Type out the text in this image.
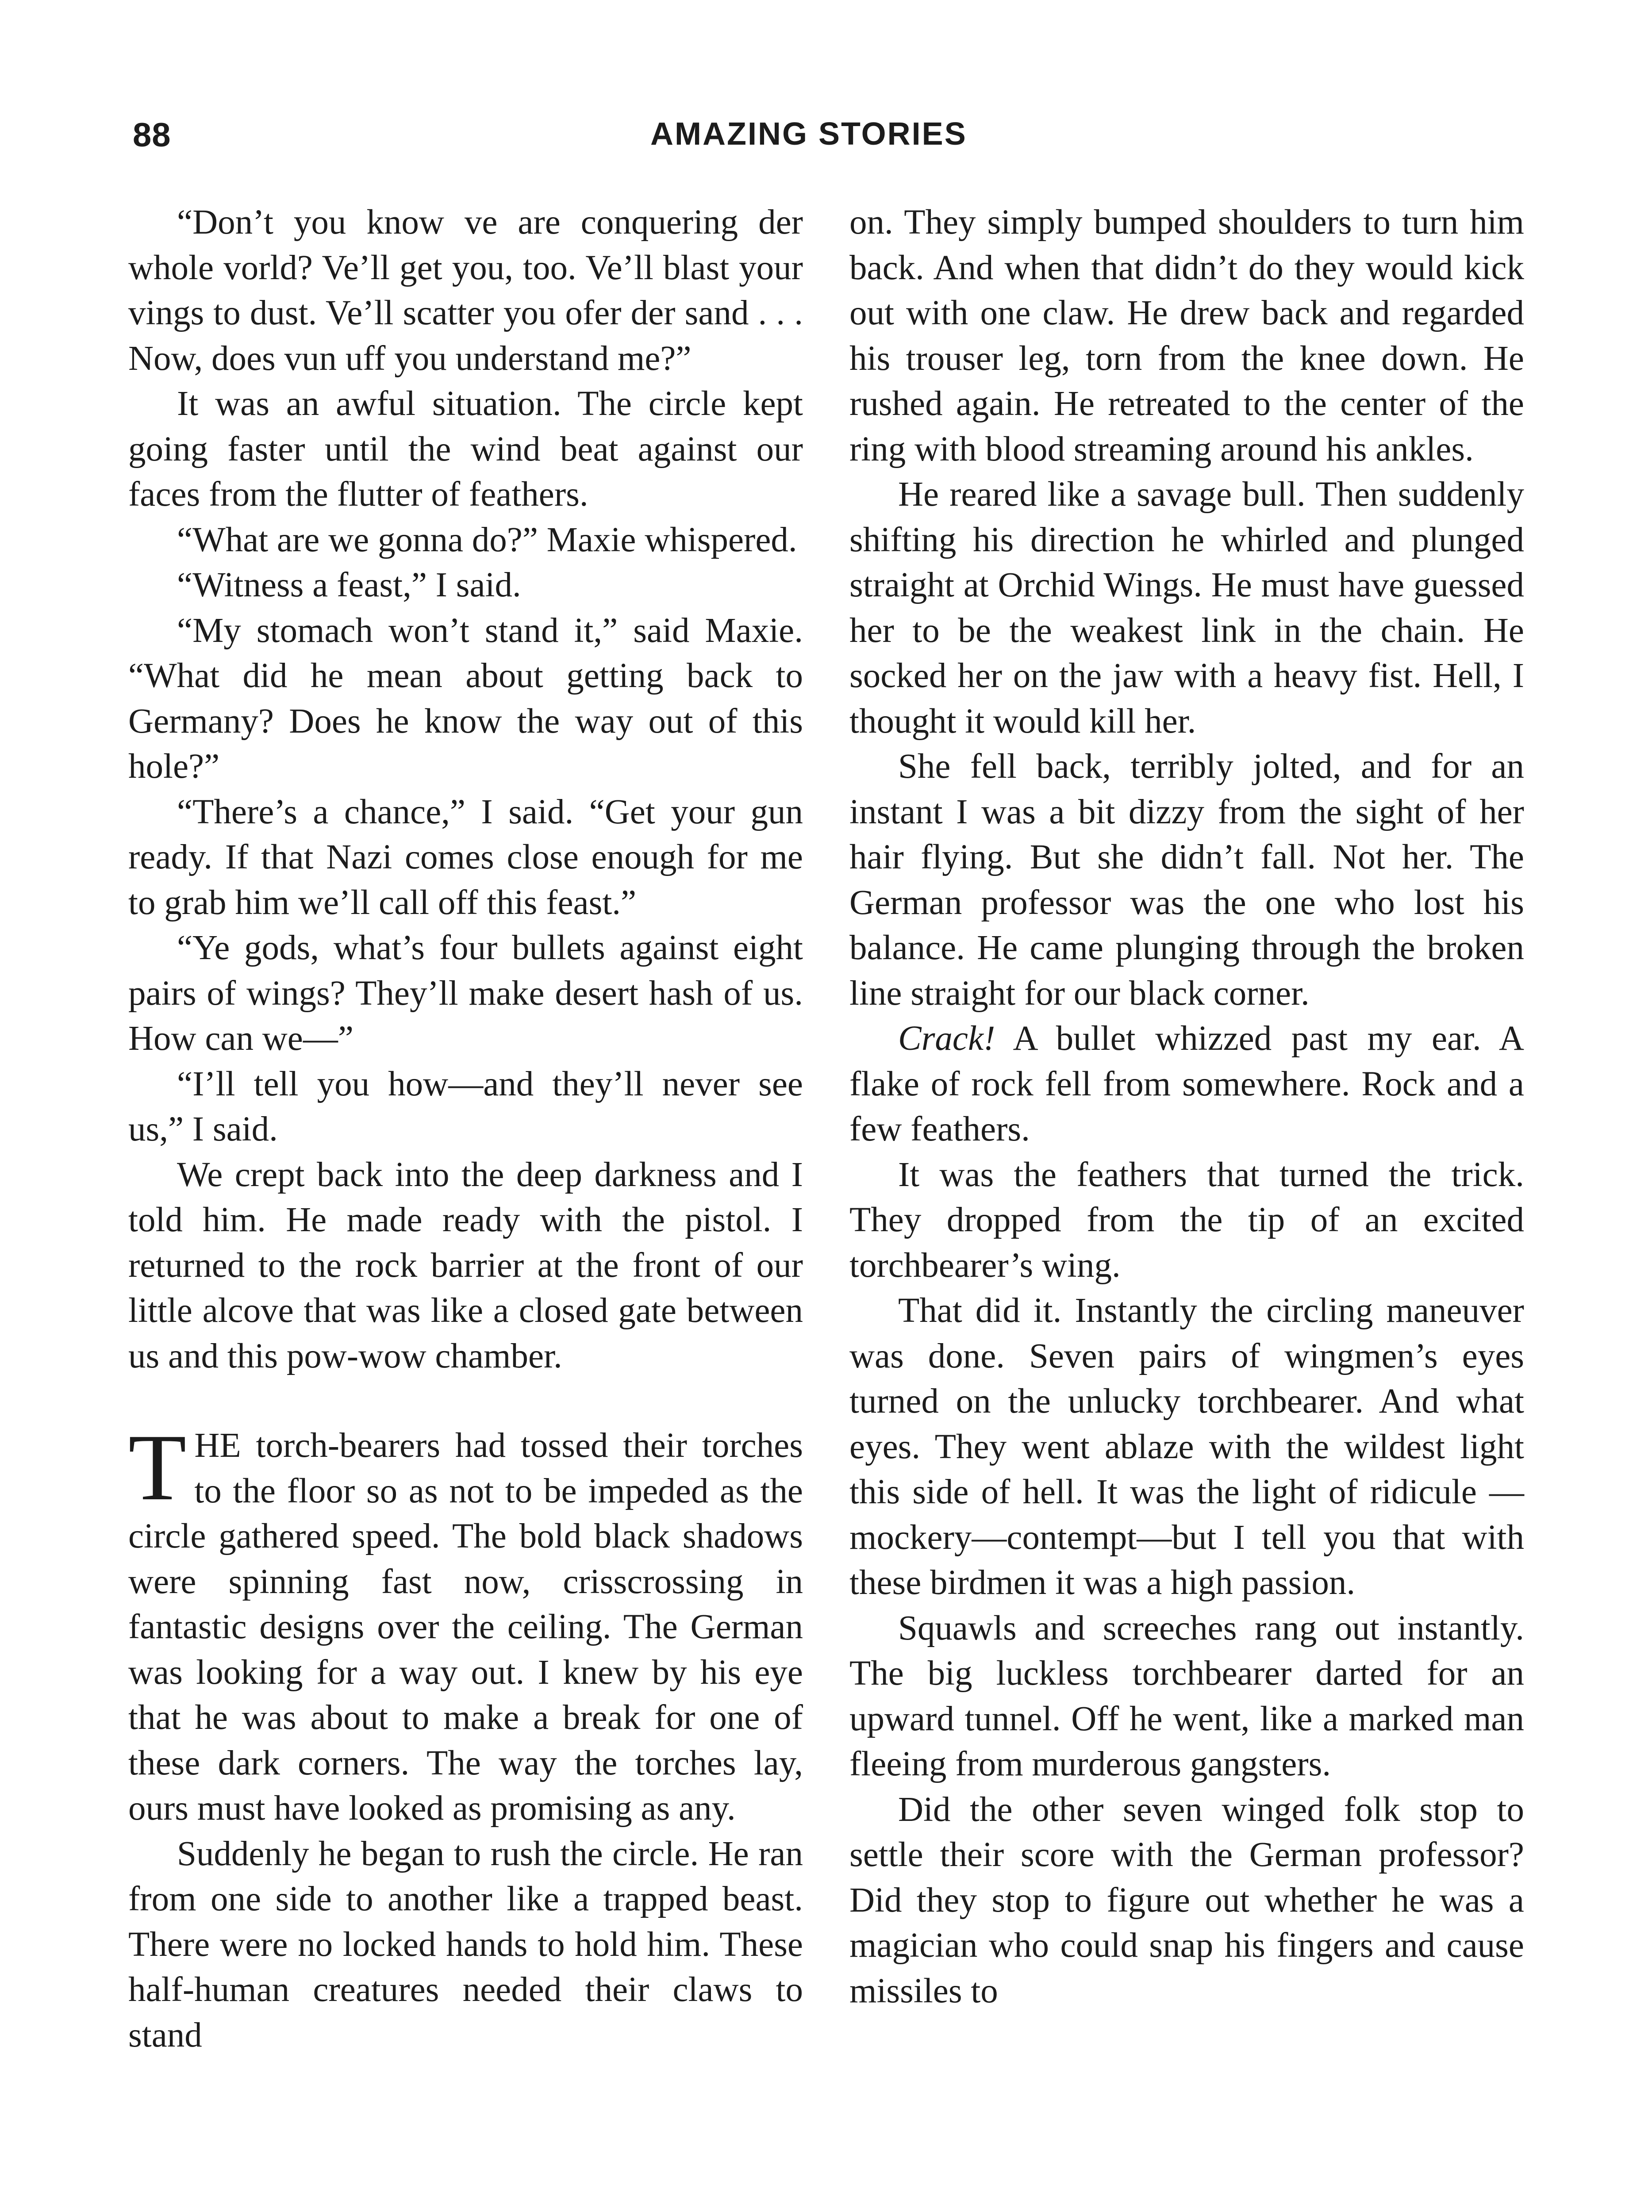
88	AMAZING STORIES

“Don’t you know ve are conquering der whole vorld? Ve’ll get you, too. Ve’ll blast your vings to dust. Ve’ll scatter you ofer der sand . . . Now, does vun uff you understand me?”

It was an awful situation. The circle kept going faster until the wind beat against our faces from the flutter of feathers.

“What are we gonna do?” Maxie whispered.

“Witness a feast,” I said.

“My stomach won’t stand it,” said Maxie. “What did he mean about getting back to Germany? Does he know the way out of this hole?”

“There’s a chance,” I said. “Get your gun ready. If that Nazi comes close enough for me to grab him we’ll call off this feast.”

“Ye gods, what’s four bullets against eight pairs of wings? They’ll make desert hash of us. How can we—”

“I’ll tell you how—and they’ll never see us,” I said.

We crept back into the deep darkness and I told him. He made ready with the pistol. I returned to the rock barrier at the front of our little alcove that was like a closed gate between us and this pow-wow chamber.

THE torch-bearers had tossed their torches to the floor so as not to be impeded as the circle gathered speed. The bold black shadows were spinning fast now, crisscrossing in fantastic designs over the ceiling. The German was looking for a way out. I knew by his eye that he was about to make a break for one of these dark corners. The way the torches lay, ours must have looked as promising as any.

Suddenly he began to rush the circle. He ran from one side to another like a trapped beast. There were no locked hands to hold him. These half-human creatures needed their claws to stand

on. They simply bumped shoulders to turn him back. And when that didn’t do they would kick out with one claw. He drew back and regarded his trouser leg, torn from the knee down. He rushed again. He retreated to the center of the ring with blood streaming around his ankles.

He reared like a savage bull. Then suddenly shifting his direction he whirled and plunged straight at Orchid Wings. He must have guessed her to be the weakest link in the chain. He socked her on the jaw with a heavy fist. Hell, I thought it would kill her.

She fell back, terribly jolted, and for an instant I was a bit dizzy from the sight of her hair flying. But she didn’t fall. Not her. The German professor was the one who lost his balance. He came plunging through the broken line straight for our black corner.

Crack! A bullet whizzed past my ear. A flake of rock fell from somewhere. Rock and a few feathers.

It was the feathers that turned the trick. They dropped from the tip of an excited torchbearer’s wing.

That did it. Instantly the circling maneuver was done. Seven pairs of wingmen’s eyes turned on the unlucky torchbearer. And what eyes. They went ablaze with the wildest light this side of hell. It was the light of ridicule —mockery—contempt—but I tell you that with these birdmen it was a high passion.

Squawls and screeches rang out instantly. The big luckless torchbearer darted for an upward tunnel. Off he went, like a marked man fleeing from murderous gangsters.

Did the other seven winged folk stop to settle their score with the German professor? Did they stop to figure out whether he was a magician who could snap his fingers and cause missiles to
